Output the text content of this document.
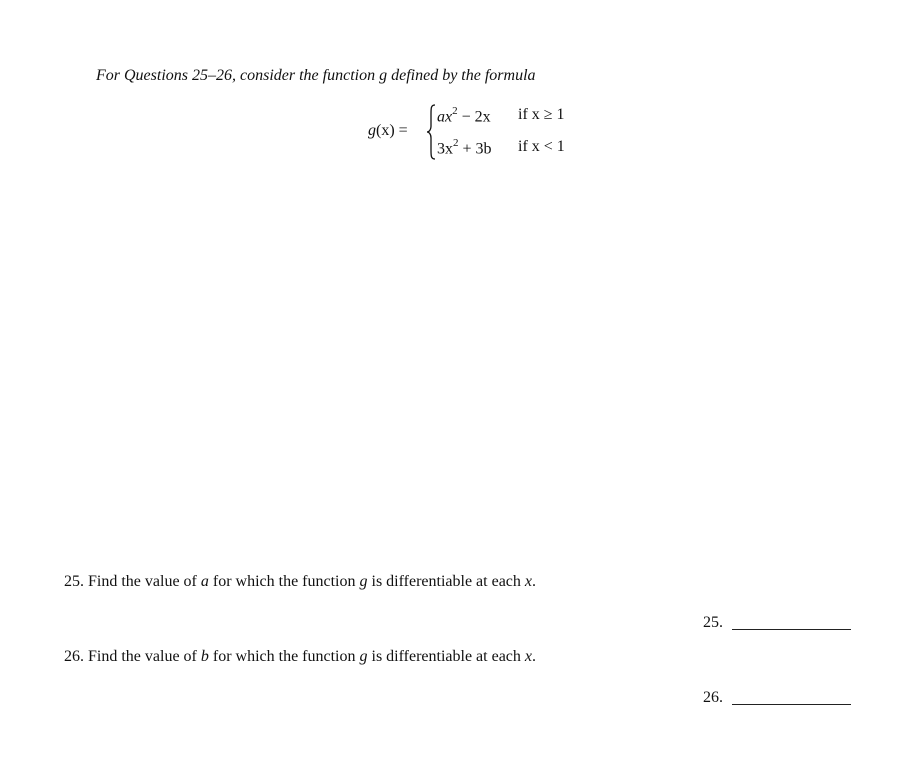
For Questions 25–26, consider the function g defined by the formula
g(x) =
$ax^2 - 2x$ if x ≥ 1
$3x^2 + 3b$ if x < 1
25. Find the value of a for which the function g is differentiable at each x.
25.
26. Find the value of b for which the function g is differentiable at each x.
26.
